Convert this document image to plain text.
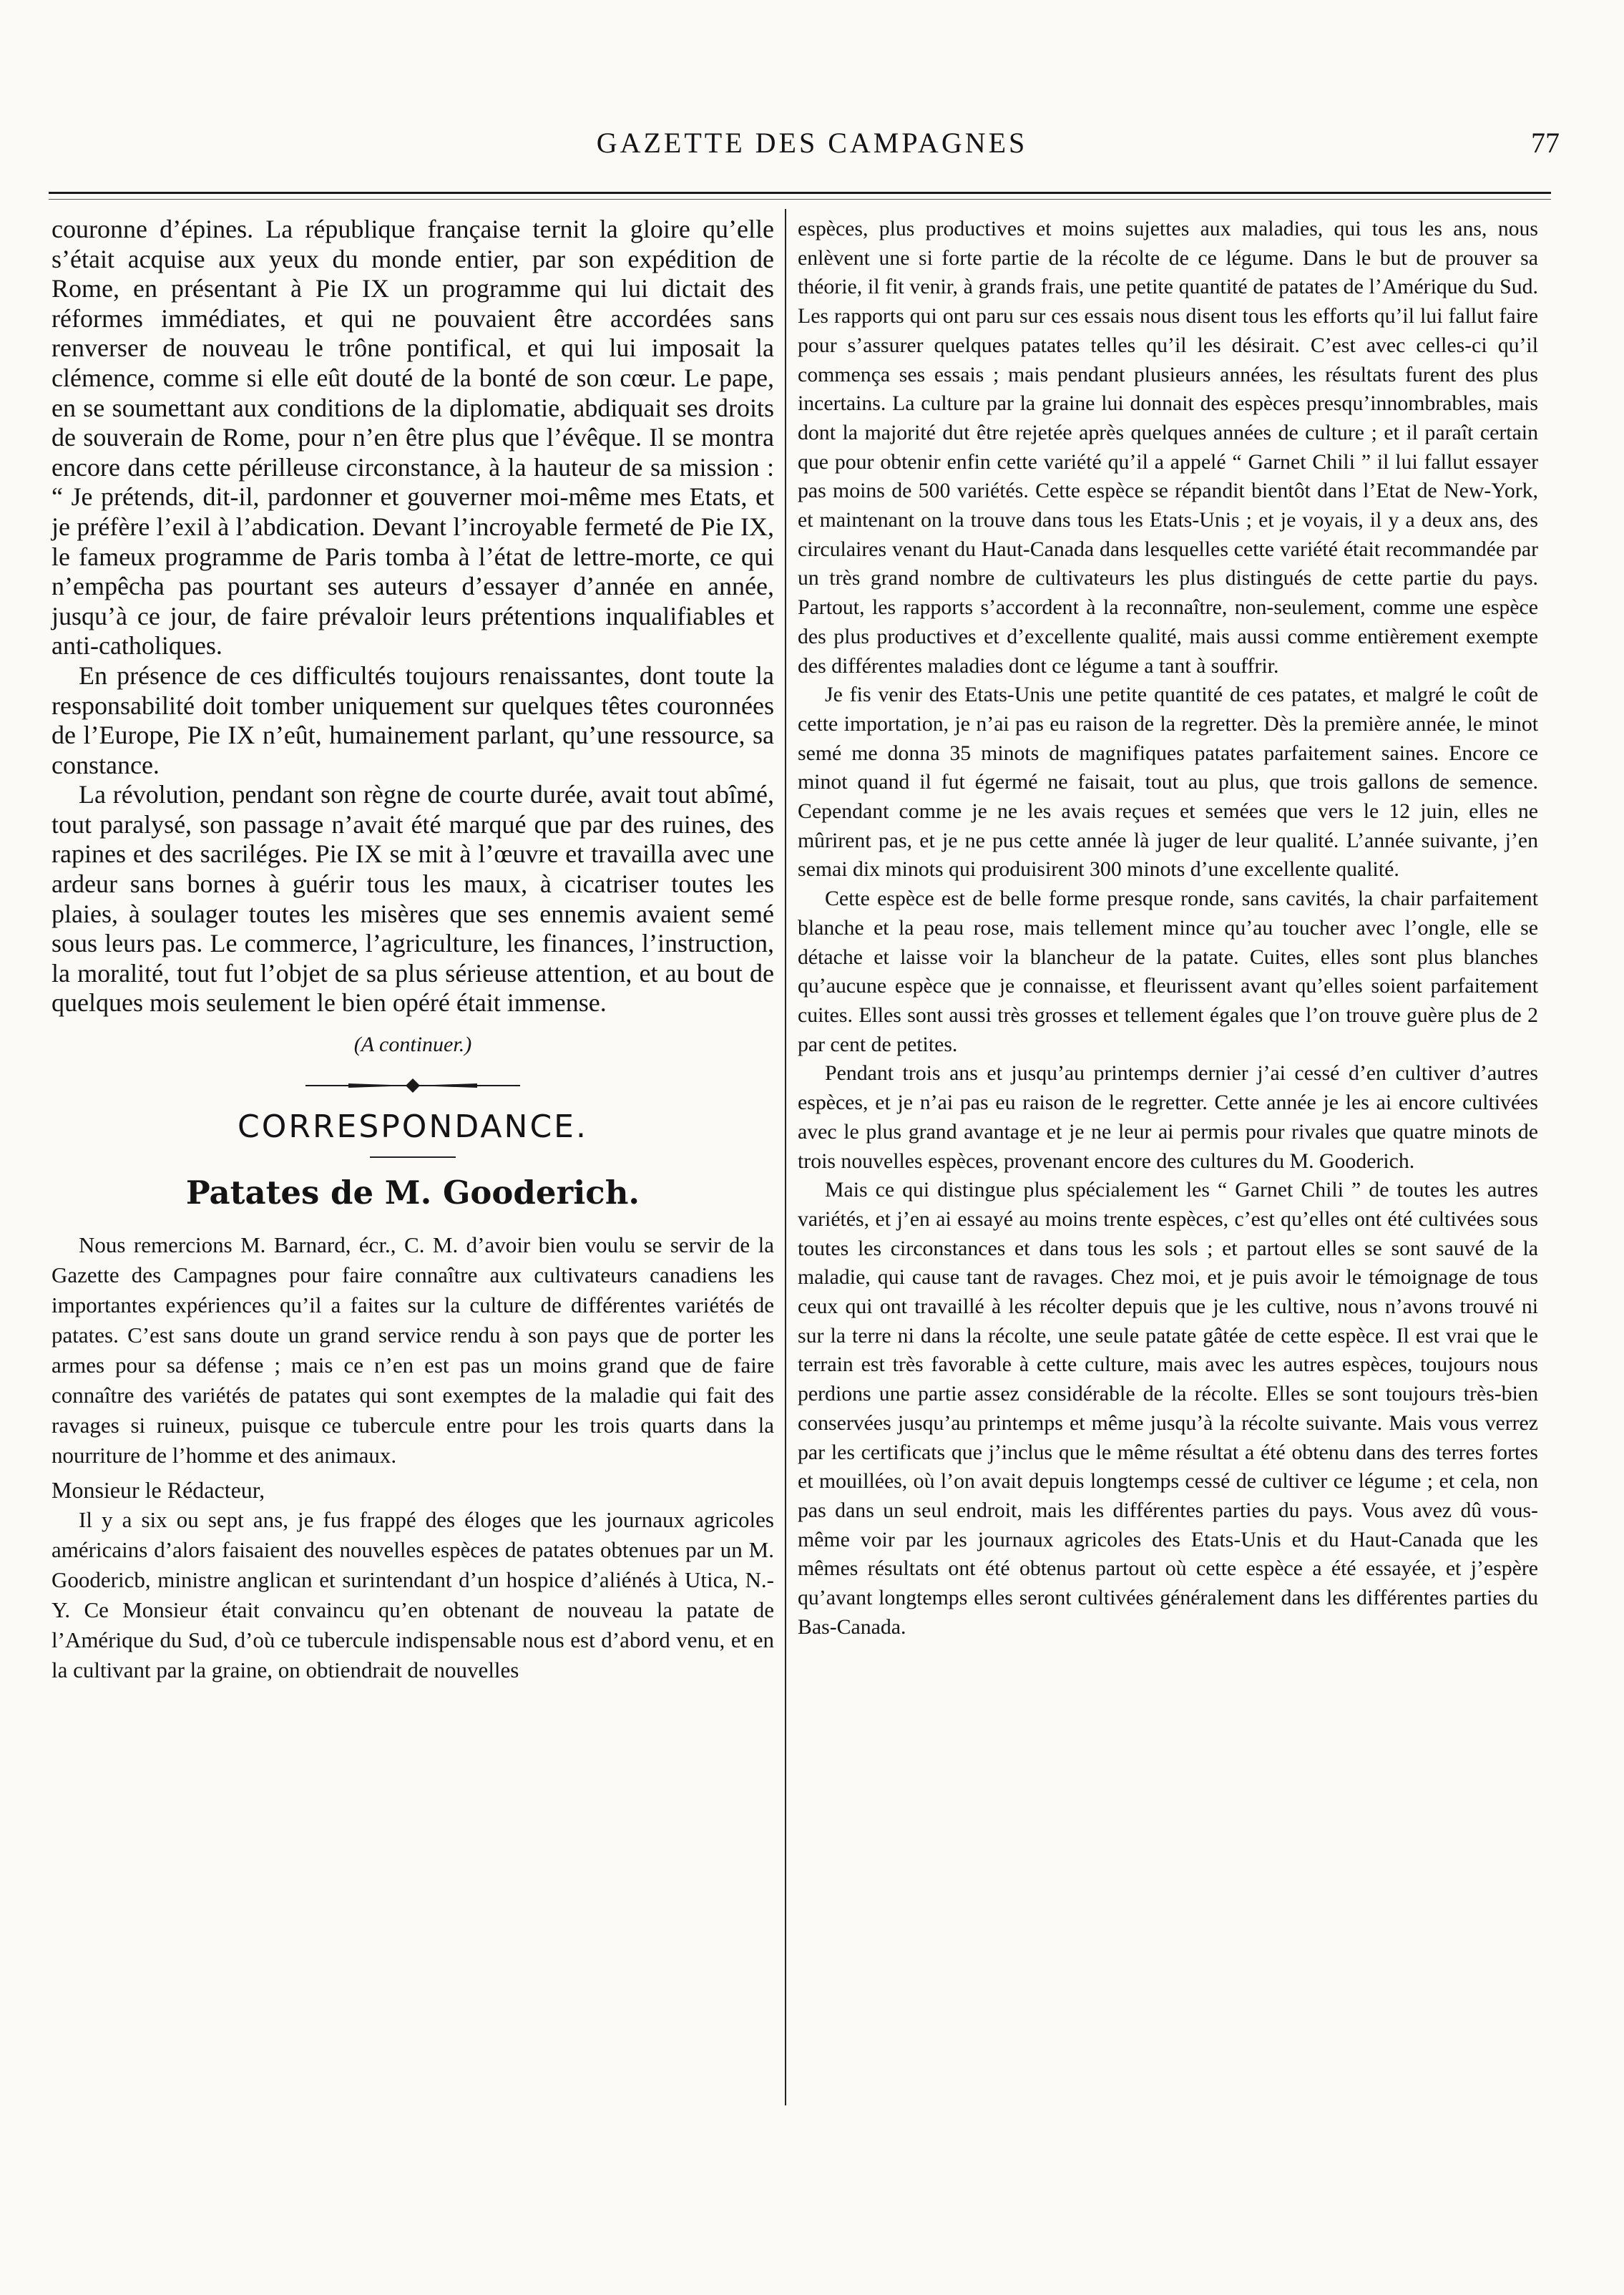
GAZETTE DES CAMPAGNES	77

couronne d’épines. La république française ternit la gloire qu’elle s’était acquise aux yeux du monde entier, par son expédition de Rome, en présentant à Pie IX un programme qui lui dictait des réformes immédiates, et qui ne pouvaient être accordées sans renverser de nouveau le trône pontifical, et qui lui imposait la clémence, comme si elle eût douté de la bonté de son cœur. Le pape, en se soumettant aux conditions de la diplomatie, abdiquait ses droits de souverain de Rome, pour n’en être plus que l’évêque. Il se montra encore dans cette périlleuse circonstance, à la hauteur de sa mission : “ Je prétends, dit-il, pardonner et gouverner moi-même mes Etats, et je préfère l’exil à l’abdication. Devant l’incroyable fermeté de Pie IX, le fameux programme de Paris tomba à l’état de lettre-morte, ce qui n’empêcha pas pourtant ses auteurs d’essayer d’année en année, jusqu’à ce jour, de faire prévaloir leurs prétentions inqualifiables et anti-catholiques.

En présence de ces difficultés toujours renaissantes, dont toute la responsabilité doit tomber uniquement sur quelques têtes couronnées de l’Europe, Pie IX n’eût, humainement parlant, qu’une ressource, sa constance.

La révolution, pendant son règne de courte durée, avait tout abîmé, tout paralysé, son passage n’avait été marqué que par des ruines, des rapines et des sacriléges. Pie IX se mit à l’œuvre et travailla avec une ardeur sans bornes à guérir tous les maux, à cicatriser toutes les plaies, à soulager toutes les misères que ses ennemis avaient semé sous leurs pas. Le commerce, l’agriculture, les finances, l’instruction, la moralité, tout fut l’objet de sa plus sérieuse attention, et au bout de quelques mois seulement le bien opéré était immense.

(A continuer.)

CORRESPONDANCE.
Patates de M. Gooderich.

Nous remercions M. Barnard, écr., C. M. d’avoir bien voulu se servir de la Gazette des Campagnes pour faire connaître aux cultivateurs canadiens les importantes expériences qu’il a faites sur la culture de différentes variétés de patates. C’est sans doute un grand service rendu à son pays que de porter les armes pour sa défense ; mais ce n’en est pas un moins grand que de faire connaître des variétés de patates qui sont exemptes de la maladie qui fait des ravages si ruineux, puisque ce tubercule entre pour les trois quarts dans la nourriture de l’homme et des animaux.

Monsieur le Rédacteur,

Il y a six ou sept ans, je fus frappé des éloges que les journaux agricoles américains d’alors faisaient des nouvelles espèces de patates obtenues par un M. Goodericb, ministre anglican et surintendant d’un hospice d’aliénés à Utica, N.-Y. Ce Monsieur était convaincu qu’en obtenant de nouveau la patate de l’Amérique du Sud, d’où ce tubercule indispensable nous est d’abord venu, et en la cultivant par la graine, on obtiendrait de nouvelles

espèces, plus productives et moins sujettes aux maladies, qui tous les ans, nous enlèvent une si forte partie de la récolte de ce légume. Dans le but de prouver sa théorie, il fit venir, à grands frais, une petite quantité de patates de l’Amérique du Sud. Les rapports qui ont paru sur ces essais nous disent tous les efforts qu’il lui fallut faire pour s’assurer quelques patates telles qu’il les désirait. C’est avec celles-ci qu’il commença ses essais ; mais pendant plusieurs années, les résultats furent des plus incertains. La culture par la graine lui donnait des espèces presqu’innombrables, mais dont la majorité dut être rejetée après quelques années de culture ; et il paraît certain que pour obtenir enfin cette variété qu’il a appelé “ Garnet Chili ” il lui fallut essayer pas moins de 500 variétés. Cette espèce se répandit bientôt dans l’Etat de New-York, et maintenant on la trouve dans tous les Etats-Unis ; et je voyais, il y a deux ans, des circulaires venant du Haut-Canada dans lesquelles cette variété était recommandée par un très grand nombre de cultivateurs les plus distingués de cette partie du pays. Partout, les rapports s’accordent à la reconnaître, non-seulement, comme une espèce des plus productives et d’excellente qualité, mais aussi comme entièrement exempte des différentes maladies dont ce légume a tant à souffrir.

Je fis venir des Etats-Unis une petite quantité de ces patates, et malgré le coût de cette importation, je n’ai pas eu raison de la regretter. Dès la première année, le minot semé me donna 35 minots de magnifiques patates parfaitement saines. Encore ce minot quand il fut égermé ne faisait, tout au plus, que trois gallons de semence. Cependant comme je ne les avais reçues et semées que vers le 12 juin, elles ne mûrirent pas, et je ne pus cette année là juger de leur qualité. L’année suivante, j’en semai dix minots qui produisirent 300 minots d’une excellente qualité.

Cette espèce est de belle forme presque ronde, sans cavités, la chair parfaitement blanche et la peau rose, mais tellement mince qu’au toucher avec l’ongle, elle se détache et laisse voir la blancheur de la patate. Cuites, elles sont plus blanches qu’aucune espèce que je connaisse, et fleurissent avant qu’elles soient parfaitement cuites. Elles sont aussi très grosses et tellement égales que l’on trouve guère plus de 2 par cent de petites.

Pendant trois ans et jusqu’au printemps dernier j’ai cessé d’en cultiver d’autres espèces, et je n’ai pas eu raison de le regretter. Cette année je les ai encore cultivées avec le plus grand avantage et je ne leur ai permis pour rivales que quatre minots de trois nouvelles espèces, provenant encore des cultures du M. Gooderich.

Mais ce qui distingue plus spécialement les “ Garnet Chili ” de toutes les autres variétés, et j’en ai essayé au moins trente espèces, c’est qu’elles ont été cultivées sous toutes les circonstances et dans tous les sols ; et partout elles se sont sauvé de la maladie, qui cause tant de ravages. Chez moi, et je puis avoir le témoignage de tous ceux qui ont travaillé à les récolter depuis que je les cultive, nous n’avons trouvé ni sur la terre ni dans la récolte, une seule patate gâtée de cette espèce. Il est vrai que le terrain est très favorable à cette culture, mais avec les autres espèces, toujours nous perdions une partie assez considérable de la récolte. Elles se sont toujours très-bien conservées jusqu’au printemps et même jusqu’à la récolte suivante. Mais vous verrez par les certificats que j’inclus que le même résultat a été obtenu dans des terres fortes et mouillées, où l’on avait depuis longtemps cessé de cultiver ce légume ; et cela, non pas dans un seul endroit, mais les différentes parties du pays. Vous avez dû vous-même voir par les journaux agricoles des Etats-Unis et du Haut-Canada que les mêmes résultats ont été obtenus partout où cette espèce a été essayée, et j’espère qu’avant longtemps elles seront cultivées généralement dans les différentes parties du Bas-Canada.
